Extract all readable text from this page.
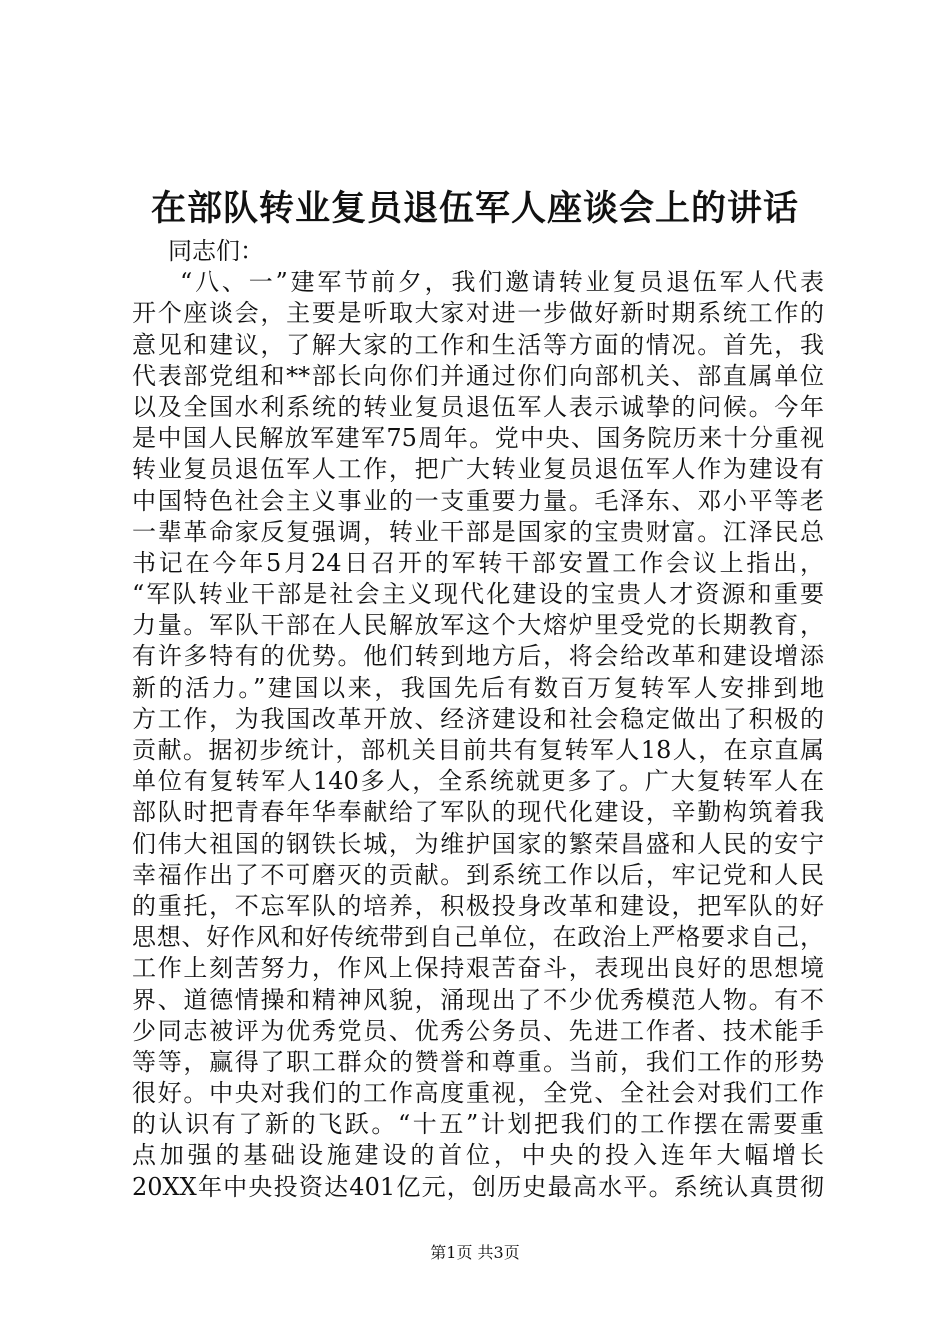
在部队转业复员退伍军人座谈会上的讲话
同志们：
“八、一”建军节前夕，我们邀请转业复员退伍军人代表
开个座谈会，主要是听取大家对进一步做好新时期系统工作的
意见和建议，了解大家的工作和生活等方面的情况。首先，我
代表部党组和**部长向你们并通过你们向部机关、部直属单位
以及全国水利系统的转业复员退伍军人表示诚挚的问候。今年
是中国人民解放军建军75周年。党中央、国务院历来十分重视
转业复员退伍军人工作，把广大转业复员退伍军人作为建设有
中国特色社会主义事业的一支重要力量。毛泽东、邓小平等老
一辈革命家反复强调，转业干部是国家的宝贵财富。江泽民总
书记在今年5月24日召开的军转干部安置工作会议上指出，
“军队转业干部是社会主义现代化建设的宝贵人才资源和重要
力量。军队干部在人民解放军这个大熔炉里受党的长期教育，
有许多特有的优势。他们转到地方后，将会给改革和建设增添
新的活力。”建国以来，我国先后有数百万复转军人安排到地
方工作，为我国改革开放、经济建设和社会稳定做出了积极的
贡献。据初步统计，部机关目前共有复转军人18人，在京直属
单位有复转军人140多人，全系统就更多了。广大复转军人在
部队时把青春年华奉献给了军队的现代化建设，辛勤构筑着我
们伟大祖国的钢铁长城，为维护国家的繁荣昌盛和人民的安宁
幸福作出了不可磨灭的贡献。到系统工作以后，牢记党和人民
的重托，不忘军队的培养，积极投身改革和建设，把军队的好
思想、好作风和好传统带到自己单位，在政治上严格要求自己，
工作上刻苦努力，作风上保持艰苦奋斗，表现出良好的思想境
界、道德情操和精神风貌，涌现出了不少优秀模范人物。有不
少同志被评为优秀党员、优秀公务员、先进工作者、技术能手
等等，赢得了职工群众的赞誉和尊重。当前，我们工作的形势
很好。中央对我们的工作高度重视，全党、全社会对我们工作
的认识有了新的飞跃。“十五”计划把我们的工作摆在需要重
点加强的基础设施建设的首位，中央的投入连年大幅增长
20XX年中央投资达401亿元，创历史最高水平。系统认真贯彻
第1页 共3页
